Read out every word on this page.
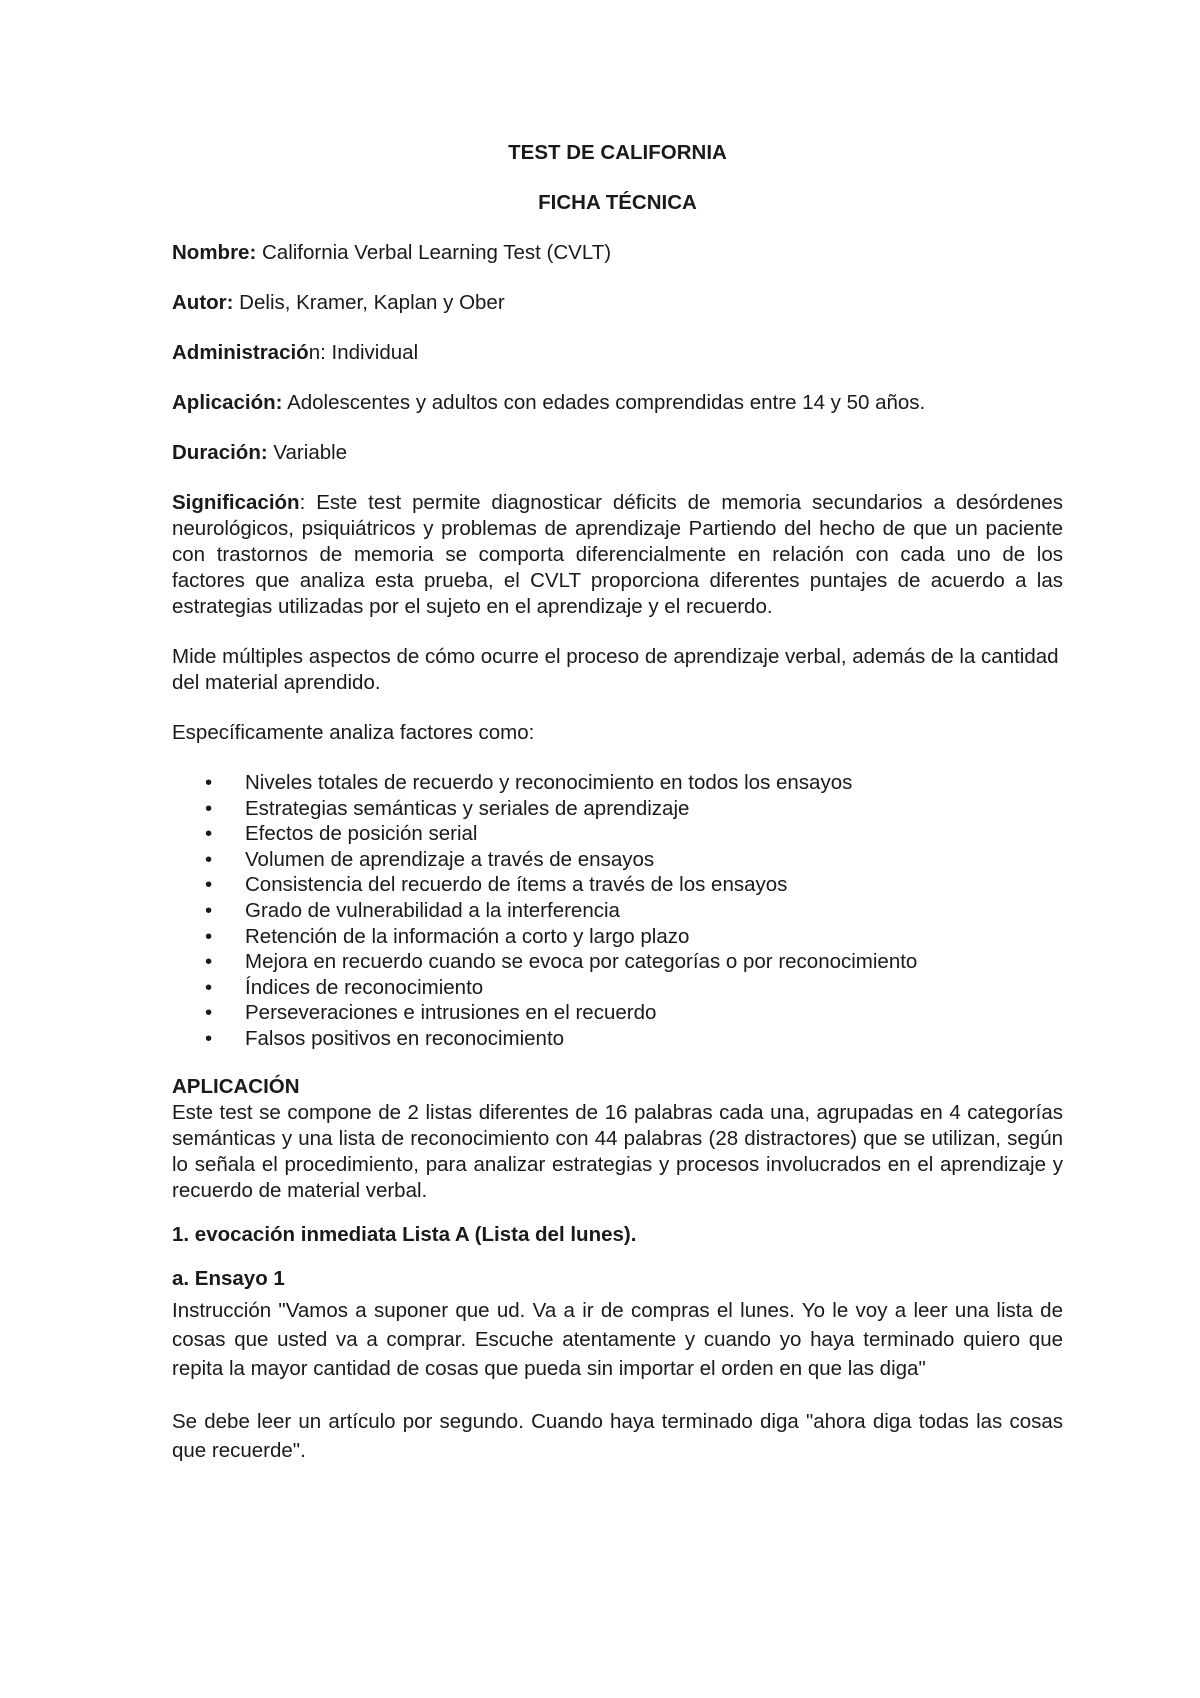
TEST DE CALIFORNIA

FICHA TÉCNICA

Nombre: California Verbal Learning Test (CVLT)

Autor: Delis, Kramer, Kaplan y Ober

Administración: Individual

Aplicación: Adolescentes y adultos con edades comprendidas entre 14 y 50 años.

Duración: Variable

Significación: Este test permite diagnosticar déficits de memoria secundarios a desórdenes neurológicos, psiquiátricos y problemas de aprendizaje Partiendo del hecho de que un paciente con trastornos de memoria se comporta diferencialmente en relación con cada uno de los factores que analiza esta prueba, el CVLT proporciona diferentes puntajes de acuerdo a las estrategias utilizadas por el sujeto en el aprendizaje y el recuerdo.

Mide múltiples aspectos de cómo ocurre el proceso de aprendizaje verbal, además de la cantidad del material aprendido.

Específicamente analiza factores como:

• Niveles totales de recuerdo y reconocimiento en todos los ensayos
• Estrategias semánticas y seriales de aprendizaje
• Efectos de posición serial
• Volumen de aprendizaje a través de ensayos
• Consistencia del recuerdo de ítems a través de los ensayos
• Grado de vulnerabilidad a la interferencia
• Retención de la información a corto y largo plazo
• Mejora en recuerdo cuando se evoca por categorías o por reconocimiento
• Índices de reconocimiento
• Perseveraciones e intrusiones en el recuerdo
• Falsos positivos en reconocimiento

APLICACIÓN

Este test se compone de 2 listas diferentes de 16 palabras cada una, agrupadas en 4 categorías semánticas y una lista de reconocimiento con 44 palabras (28 distractores) que se utilizan, según lo señala el procedimiento, para analizar estrategias y procesos involucrados en el aprendizaje y recuerdo de material verbal.

1. evocación inmediata Lista A (Lista del lunes).

a. Ensayo 1

Instrucción "Vamos a suponer que ud. Va a ir de compras el lunes. Yo le voy a leer una lista de cosas que usted va a comprar. Escuche atentamente y cuando yo haya terminado quiero que repita la mayor cantidad de cosas que pueda sin importar el orden en que las diga"

Se debe leer un artículo por segundo. Cuando haya terminado diga "ahora diga todas las cosas que recuerde".
